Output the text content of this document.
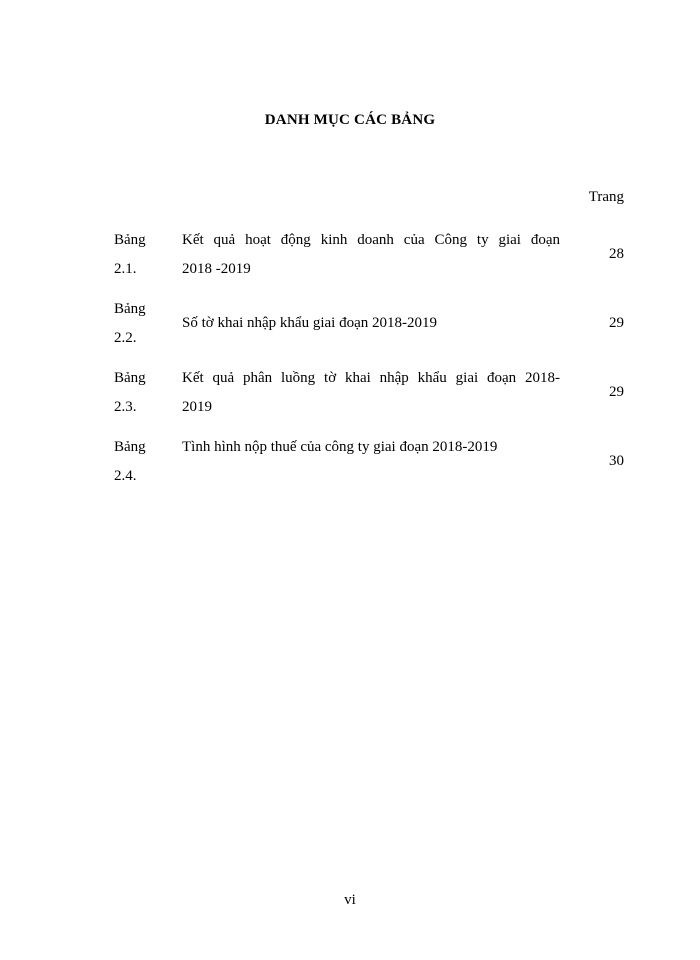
DANH MỤC CÁC BẢNG
Trang
Bảng
2.1.
Kết quả hoạt động kinh doanh của Công ty giai đoạn
2018 -2019
28
Bảng
2.2.
Số tờ khai nhập khẩu giai đoạn 2018-2019	29
Bảng
2.3.
Kết quả phân luồng tờ khai nhập khẩu giai đoạn 2018-
2019
29
Bảng
2.4.
Tình hình nộp thuế của công ty giai đoạn 2018-2019
30
vi
